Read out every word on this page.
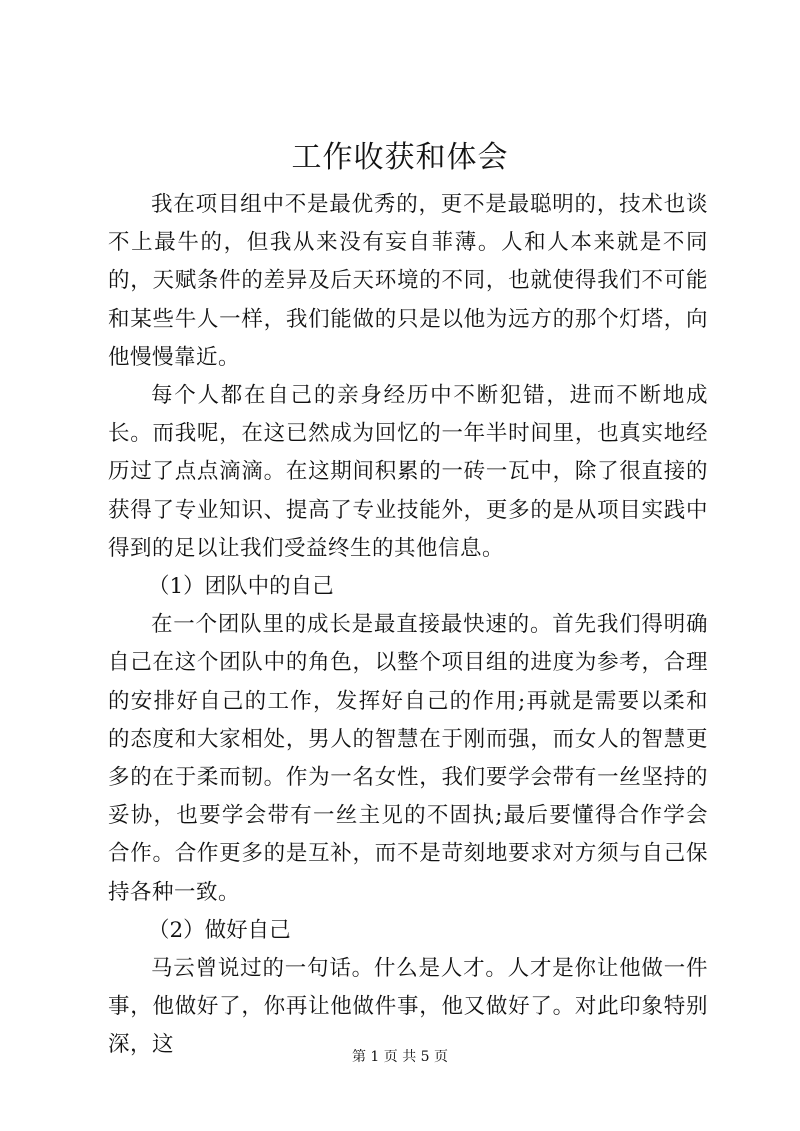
工作收获和体会

我在项目组中不是最优秀的，更不是最聪明的，技术也谈不上最牛的，但我从来没有妄自菲薄。人和人本来就是不同的，天赋条件的差异及后天环境的不同，也就使得我们不可能和某些牛人一样，我们能做的只是以他为远方的那个灯塔，向他慢慢靠近。

每个人都在自己的亲身经历中不断犯错，进而不断地成长。而我呢，在这已然成为回忆的一年半时间里，也真实地经历过了点点滴滴。在这期间积累的一砖一瓦中，除了很直接的获得了专业知识、提高了专业技能外，更多的是从项目实践中得到的足以让我们受益终生的其他信息。

（1）团队中的自己

在一个团队里的成长是最直接最快速的。首先我们得明确自己在这个团队中的角色，以整个项目组的进度为参考，合理的安排好自己的工作，发挥好自己的作用;再就是需要以柔和的态度和大家相处，男人的智慧在于刚而强，而女人的智慧更多的在于柔而韧。作为一名女性，我们要学会带有一丝坚持的妥协，也要学会带有一丝主见的不固执;最后要懂得合作学会合作。合作更多的是互补，而不是苛刻地要求对方须与自己保持各种一致。

（2）做好自己

马云曾说过的一句话。什么是人才。人才是你让他做一件事，他做好了，你再让他做件事，他又做好了。对此印象特别深，这	第 1 页 共 5 页
